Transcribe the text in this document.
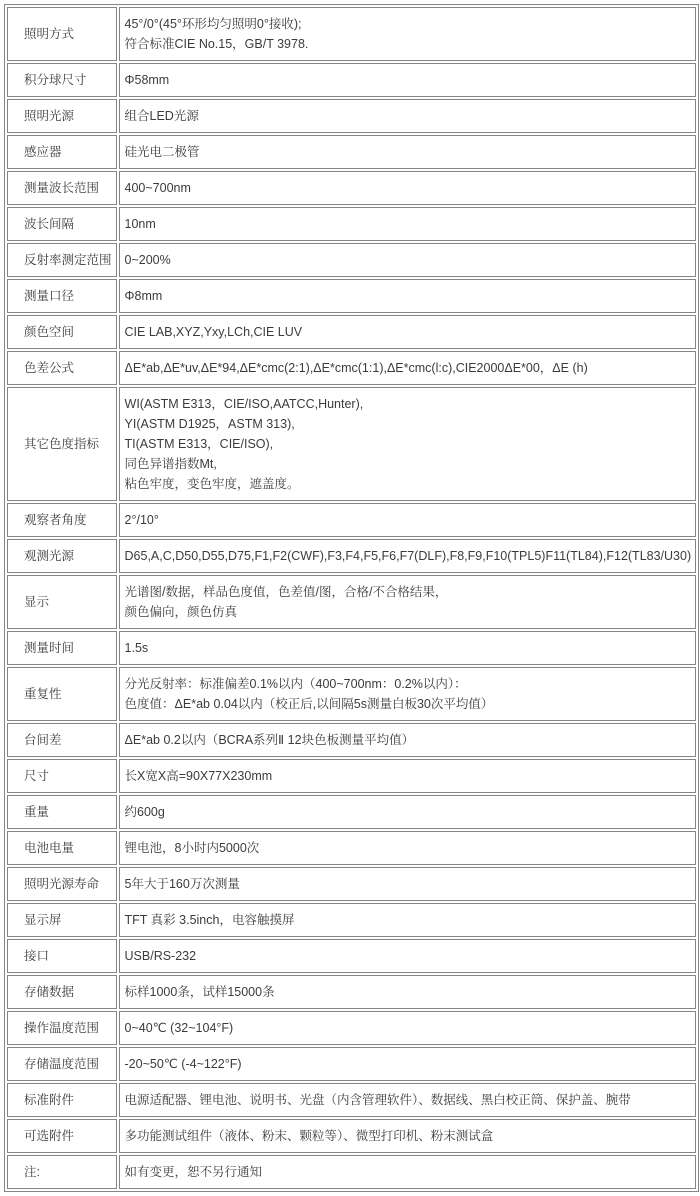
照明方式	45°/0°(45°环形均匀照明0°接收);
符合标准CIE No.15，GB/T 3978.

积分球尺寸	Φ58mm

照明光源	组合LED光源

感应器	硅光电二极管

测量波长范围	400~700nm

波长间隔	10nm

反射率测定范围	0~200%

测量口径	Φ8mm

颜色空间	CIE LAB,XYZ,Yxy,LCh,CIE LUV

色差公式	ΔE*ab,ΔE*uv,ΔE*94,ΔE*cmc(2:1),ΔE*cmc(1:1),ΔE*cmc(l:c),CIE2000ΔE*00，ΔE (h)

其它色度指标	WI(ASTM E313，CIE/ISO,AATCC,Hunter),
YI(ASTM D1925，ASTM 313),
TI(ASTM E313，CIE/ISO),
同色异谱指数Mt,
粘色牢度，变色牢度，遮盖度。

观察者角度	2°/10°

观测光源	D65,A,C,D50,D55,D75,F1,F2(CWF),F3,F4,F5,F6,F7(DLF),F8,F9,F10(TPL5)F11(TL84),F12(TL83/U30)

显示	光谱图/数据，样品色度值，色差值/图，合格/不合格结果，
颜色偏向，颜色仿真

测量时间	1.5s

重复性	分光反射率：标准偏差0.1%以内（400~700nm：0.2%以内）：
色度值：ΔE*ab 0.04以内（校正后,以间隔5s测量白板30次平均值）

台间差	ΔE*ab 0.2以内（BCRA系列Ⅱ 12块色板测量平均值）

尺寸	长X宽X高=90X77X230mm

重量	约600g

电池电量	锂电池，8小时内5000次

照明光源寿命	5年大于160万次测量

显示屏	TFT 真彩 3.5inch，电容触摸屏

接口	USB/RS-232

存储数据	标样1000条，试样15000条

操作温度范围	0~40℃ (32~104°F)

存储温度范围	-20~50℃ (-4~122°F)

标准附件	电源适配器、锂电池、说明书、光盘（内含管理软件）、数据线、黑白校正筒、保护盖、腕带

可选附件	多功能测试组件（液体、粉末、颗粒等）、微型打印机、粉末测试盒

注:	如有变更，恕不另行通知
